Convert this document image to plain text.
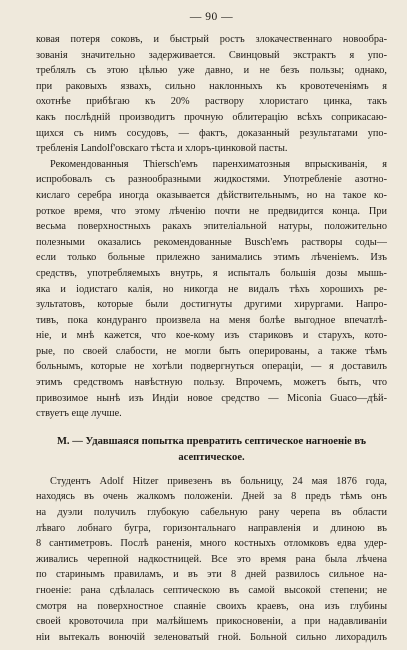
— 90 —
ковая потеря соковъ, и быстрый ростъ злокачественнаго новообра-
зованія значительно задерживается. Свинцовый экстрактъ я упо-
треблялъ съ этою цѣлью уже давно, и не безъ пользы; однако,
при раковыхъ язвахъ, сильно наклонныхъ къ кровотеченіямъ я
охотнѣе прибѣгаю къ 20% раствору хлористаго цинка, такъ
какъ послѣдній производитъ прочную облитерацію всѣхъ соприкасаю-
щихся съ нимъ сосудовъ, — фактъ, доказанный результатами упо-
требленія Landolf'овскаго тѣста и хлоръ-цинковой пасты.
Рекомендованныя Thiersch'емъ паренхиматозныя впрыскиванія, я
испробовалъ съ разнообразными жидкостями. Употребленіе азотно-
кислаго серебра иногда оказывается дѣйствительнымъ, но на такое ко-
роткое время, что этому лѣченію почти не предвидится конца. При
весьма поверхностныхъ ракахъ эпителіальной натуры, положительно
полезными оказались рекомендованные Busch'емъ растворы соды—
если только больные прилежно занимались этимъ лѣченіемъ. Изъ
средствъ, употребляемыхъ внутрь, я испыталъ большія дозы мышь-
яка и іодистаго калія, но никогда не видалъ тѣхъ хорошихъ ре-
зультатовъ, которые были достигнуты другими хирургами. Напро-
тивъ, пока кондуранго произвела на меня болѣе выгодное впечатлѣ-
ніе, и мнѣ кажется, что кое-кому изъ стариковъ и старухъ, кото-
рые, по своей слабости, не могли быть оперированы, а также тѣмъ
больнымъ, которые не хотѣли подвергнуться операціи, — я доставилъ
этимъ средствомъ навѣстную пользу. Впрочемъ, можетъ быть, что
привозимое нынѣ изъ Индіи новое средство — Miconia Guaco—дѣй-
ствуетъ еще лучше.
M. — Удавшаяся попытка превратить септическое нагноеніе въ
асептическое.
Студентъ Adolf Hitzer привезенъ въ больницу, 24 мая 1876 года,
находясь въ очень жалкомъ положеніи. Дней за 8 предъ тѣмъ онъ
на дуэли получилъ глубокую сабельную рану черепа въ области
лѣваго лобнаго бугра, горизонтальнаго направленія и длиною въ
8 сантиметровъ. Послѣ раненія, много костныхъ отломковъ едва удер-
живались черепной надкостницей. Все это время рана была лѣчена
по старинымъ правиламъ, и въ эти 8 дней развилось сильное на-
гноеніе: рана сдѣлалась септическою въ самой высокой степени; не
смотря на поверхностное спаяніе своихъ краевъ, она изъ глубины
своей кровоточила при малѣйшемъ прикосновеніи, а при надавливаніи
ніи вытекалъ вонючій зеленоватый гной. Больной сильно лихорадилъ
